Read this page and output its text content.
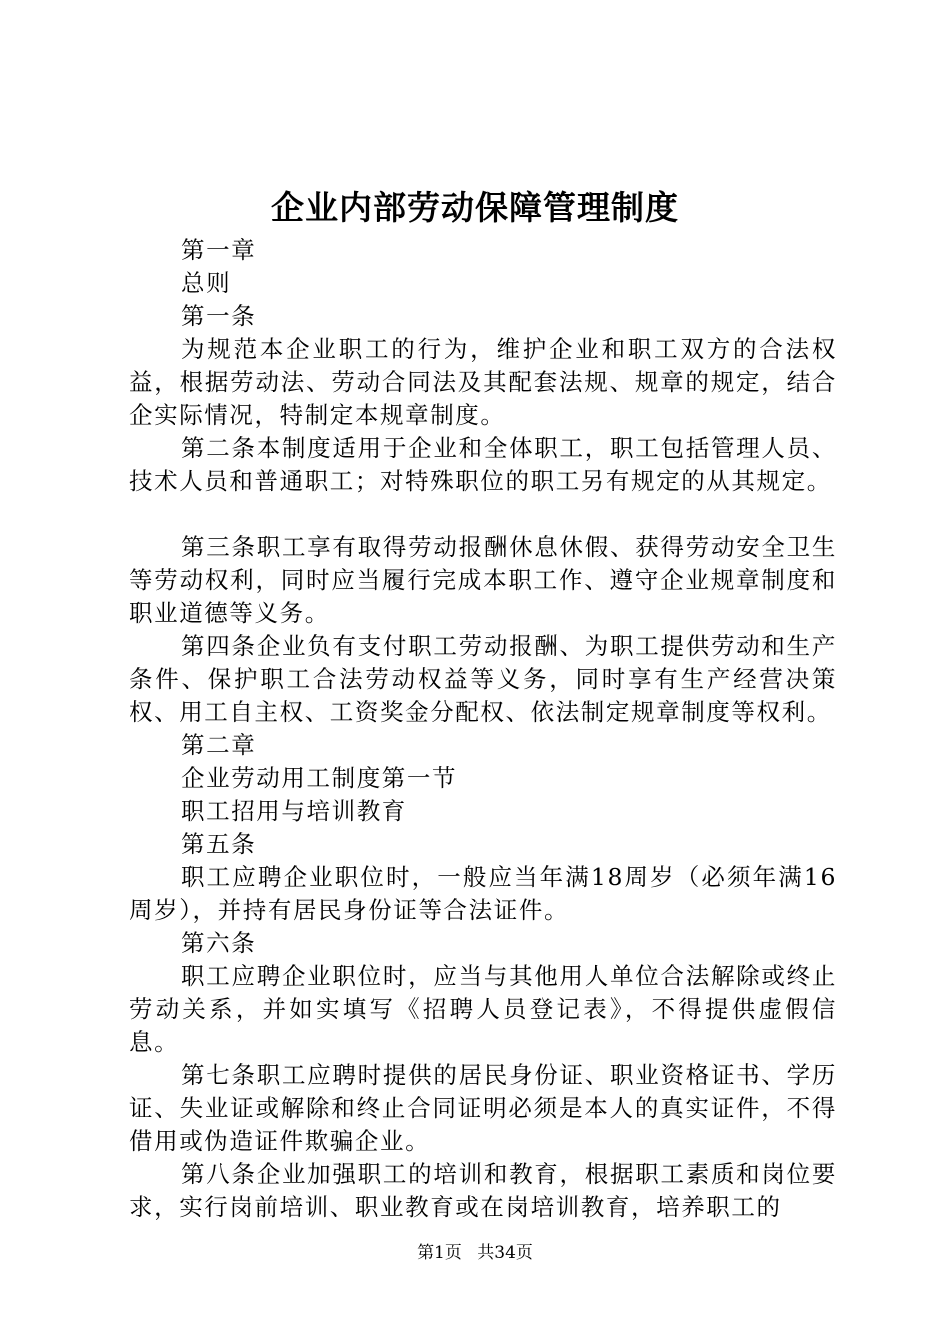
企业内部劳动保障管理制度
第一章
总则
第一条

为规范本企业职工的行为，维护企业和职工双方的合法权益，根据劳动法、劳动合同法及其配套法规、规章的规定，结合企实际情况，特制定本规章制度。

第二条本制度适用于企业和全体职工，职工包括管理人员、技术人员和普通职工；对特殊职位的职工另有规定的从其规定。

第三条职工享有取得劳动报酬休息休假、获得劳动安全卫生等劳动权利，同时应当履行完成本职工作、遵守企业规章制度和职业道德等义务。

第四条企业负有支付职工劳动报酬、为职工提供劳动和生产条件、保护职工合法劳动权益等义务，同时享有生产经营决策权、用工自主权、工资奖金分配权、依法制定规章制度等权利。

第二章
企业劳动用工制度第一节
职工招用与培训教育
第五条

职工应聘企业职位时，一般应当年满18周岁（必须年满16周岁），并持有居民身份证等合法证件。

第六条

职工应聘企业职位时，应当与其他用人单位合法解除或终止劳动关系，并如实填写《招聘人员登记表》，不得提供虚假信息。

第七条职工应聘时提供的居民身份证、职业资格证书、学历证、失业证或解除和终止合同证明必须是本人的真实证件，不得借用或伪造证件欺骗企业。

第八条企业加强职工的培训和教育，根据职工素质和岗位要求，实行岗前培训、职业教育或在岗培训教育，培养职工的

第1页 共34页
